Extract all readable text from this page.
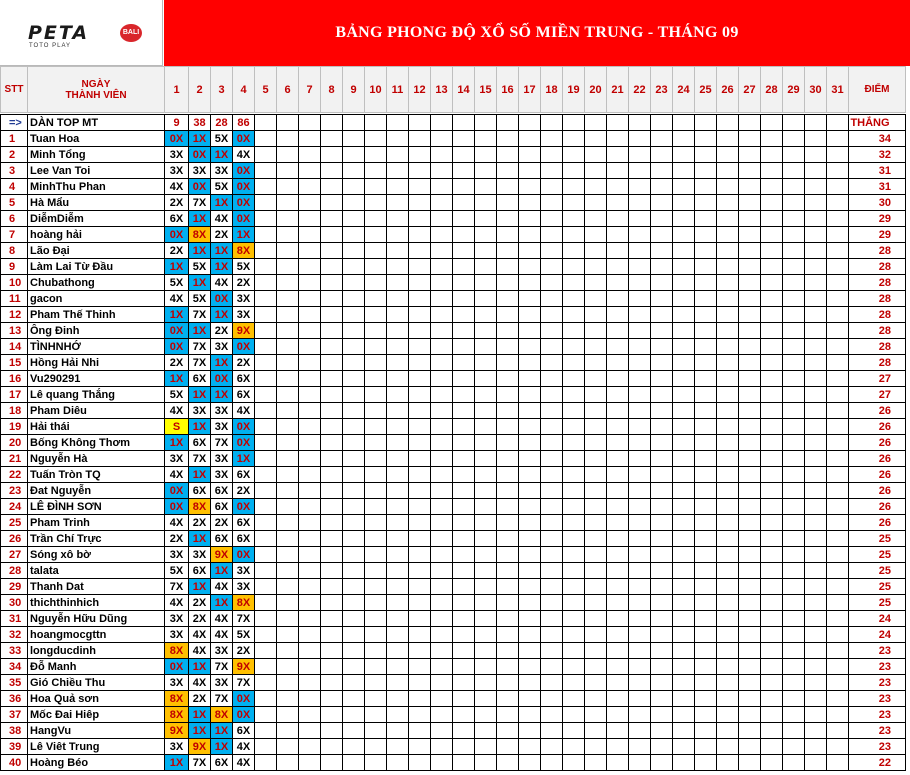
PETA	BALI
TOTO PLAY
BẢNG PHONG ĐỘ XỔ SỐ MIỀN TRUNG - THÁNG 09
STT	NGÀY
THÀNH VIÊN	1	2	3	4	5	6	7	8	9	10	11	12	13	14	15	16	17	18	19	20	21	22	23	24	25	26	27	28	29	30	31	ĐIỂM

=>	DÀN TOP MT	9	38	28	86																												THẮNG
1	Tuan Hoa	0X	1X	5X	0X																												34
2	Minh Tổng	3X	0X	1X	4X																												32
3	Lee Van Toi	3X	3X	3X	0X																												31
4	MinhThu Phan	4X	0X	5X	0X																												31
5	Hà Mẩu	2X	7X	1X	0X																												30
6	DiễmDiễm	6X	1X	4X	0X																												29
7	hoàng hải	0X	8X	2X	1X																												29
8	Lão Đại	2X	1X	1X	8X																												28
9	Làm Lai Từ Đầu	1X	5X	1X	5X																												28
10	Chubathong	5X	1X	4X	2X																												28
11	gacon	4X	5X	0X	3X																												28
12	Pham Thế Thinh	1X	7X	1X	3X																												28
13	Ông Đinh	0X	1X	2X	9X																												28
14	TÌNHNHỚ	0X	7X	3X	0X																												28
15	Hồng Hải Nhi	2X	7X	1X	2X																												28
16	Vu290291	1X	6X	0X	6X																												27
17	Lê quang Thắng	5X	1X	1X	6X																												27
18	Pham Diêu	4X	3X	3X	4X																												26
19	Hải thái	S	1X	3X	0X																												26
20	Bống Không Thơm	1X	6X	7X	0X																												26
21	Nguyễn Hà	3X	7X	3X	1X																												26
22	Tuấn Tròn TQ	4X	1X	3X	6X																												26
23	Đat Nguyễn	0X	6X	6X	2X																												26
24	LÊ ĐÌNH SƠN	0X	8X	6X	0X																												26
25	Pham Trinh	4X	2X	2X	6X																												26
26	Trần Chí Trực	2X	1X	6X	6X																												25
27	Sóng xô bờ	3X	3X	9X	0X																												25
28	talata	5X	6X	1X	3X																												25
29	Thanh Dat	7X	1X	4X	3X																												25
30	thichthinhich	4X	2X	1X	8X																												25
31	Nguyễn Hữu Dũng	3X	2X	4X	7X																												24
32	hoangmocgttn	3X	4X	4X	5X																												24
33	longducdinh	8X	4X	3X	2X																												23
34	Đỗ Manh	0X	1X	7X	9X																												23
35	Gió Chiều Thu	3X	4X	3X	7X																												23
36	Hoa Quả sơn	8X	2X	7X	0X																												23
37	Mốc Đai Hiêp	8X	1X	8X	0X																												23
38	HangVu	9X	1X	1X	6X																												23
39	Lê Viêt Trung	3X	9X	1X	4X																												23
40	Hoàng Béo	1X	7X	6X	4X																												22
